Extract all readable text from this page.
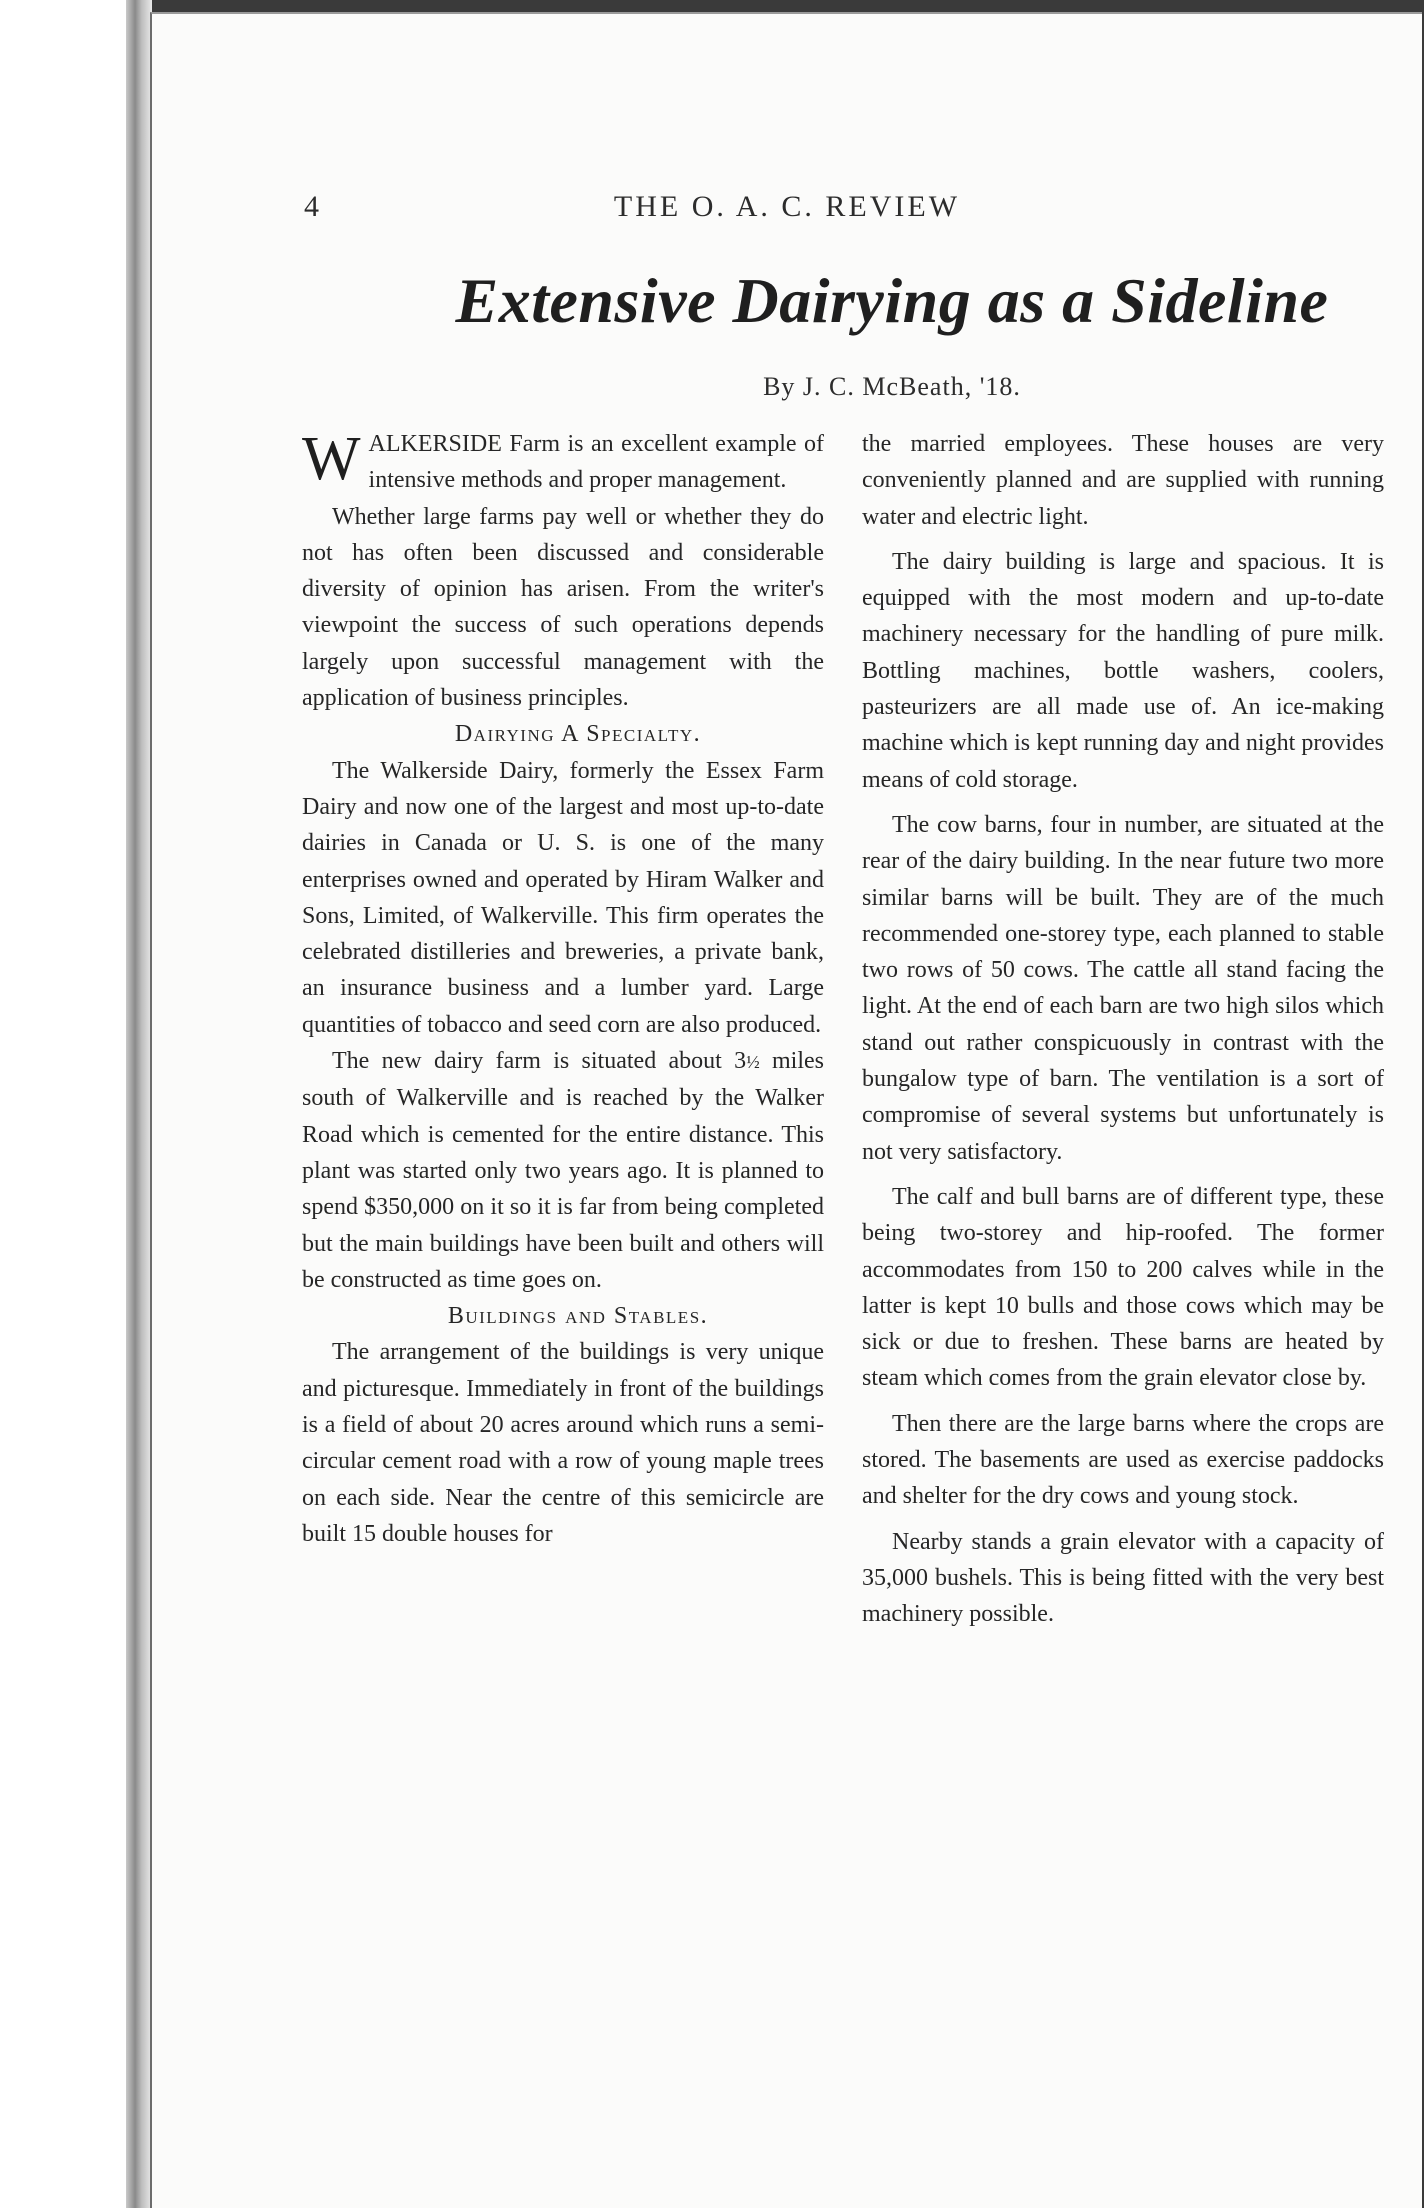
4	THE O. A. C. REVIEW
Extensive Dairying as a Sideline
By J. C. McBeath, '18.

WALKERSIDE Farm is an excellent example of intensive methods and proper management.

Whether large farms pay well or whether they do not has often been discussed and considerable diversity of opinion has arisen. From the writer's viewpoint the success of such operations depends largely upon successful management with the application of business principles.

Dairying A Specialty.

The Walkerside Dairy, formerly the Essex Farm Dairy and now one of the largest and most up-to-date dairies in Canada or U. S. is one of the many enterprises owned and operated by Hiram Walker and Sons, Limited, of Walkerville. This firm operates the celebrated distilleries and breweries, a private bank, an insurance business and a lumber yard. Large quantities of tobacco and seed corn are also produced.

The new dairy farm is situated about 3½ miles south of Walkerville and is reached by the Walker Road which is cemented for the entire distance. This plant was started only two years ago. It is planned to spend $350,000 on it so it is far from being completed but the main buildings have been built and others will be constructed as time goes on.

Buildings and Stables.

The arrangement of the buildings is very unique and picturesque. Immediately in front of the buildings is a field of about 20 acres around which runs a semi-circular cement road with a row of young maple trees on each side. Near the centre of this semicircle are built 15 double houses for

the married employees. These houses are very conveniently planned and are supplied with running water and electric light.

The dairy building is large and spacious. It is equipped with the most modern and up-to-date machinery necessary for the handling of pure milk. Bottling machines, bottle washers, coolers, pasteurizers are all made use of. An ice-making machine which is kept running day and night provides means of cold storage.

The cow barns, four in number, are situated at the rear of the dairy building. In the near future two more similar barns will be built. They are of the much recommended one-storey type, each planned to stable two rows of 50 cows. The cattle all stand facing the light. At the end of each barn are two high silos which stand out rather conspicuously in contrast with the bungalow type of barn. The ventilation is a sort of compromise of several systems but unfortunately is not very satisfactory.

The calf and bull barns are of different type, these being two-storey and hip-roofed. The former accommodates from 150 to 200 calves while in the latter is kept 10 bulls and those cows which may be sick or due to freshen. These barns are heated by steam which comes from the grain elevator close by.

Then there are the large barns where the crops are stored. The basements are used as exercise paddocks and shelter for the dry cows and young stock.

Nearby stands a grain elevator with a capacity of 35,000 bushels. This is being fitted with the very best machinery possible.
